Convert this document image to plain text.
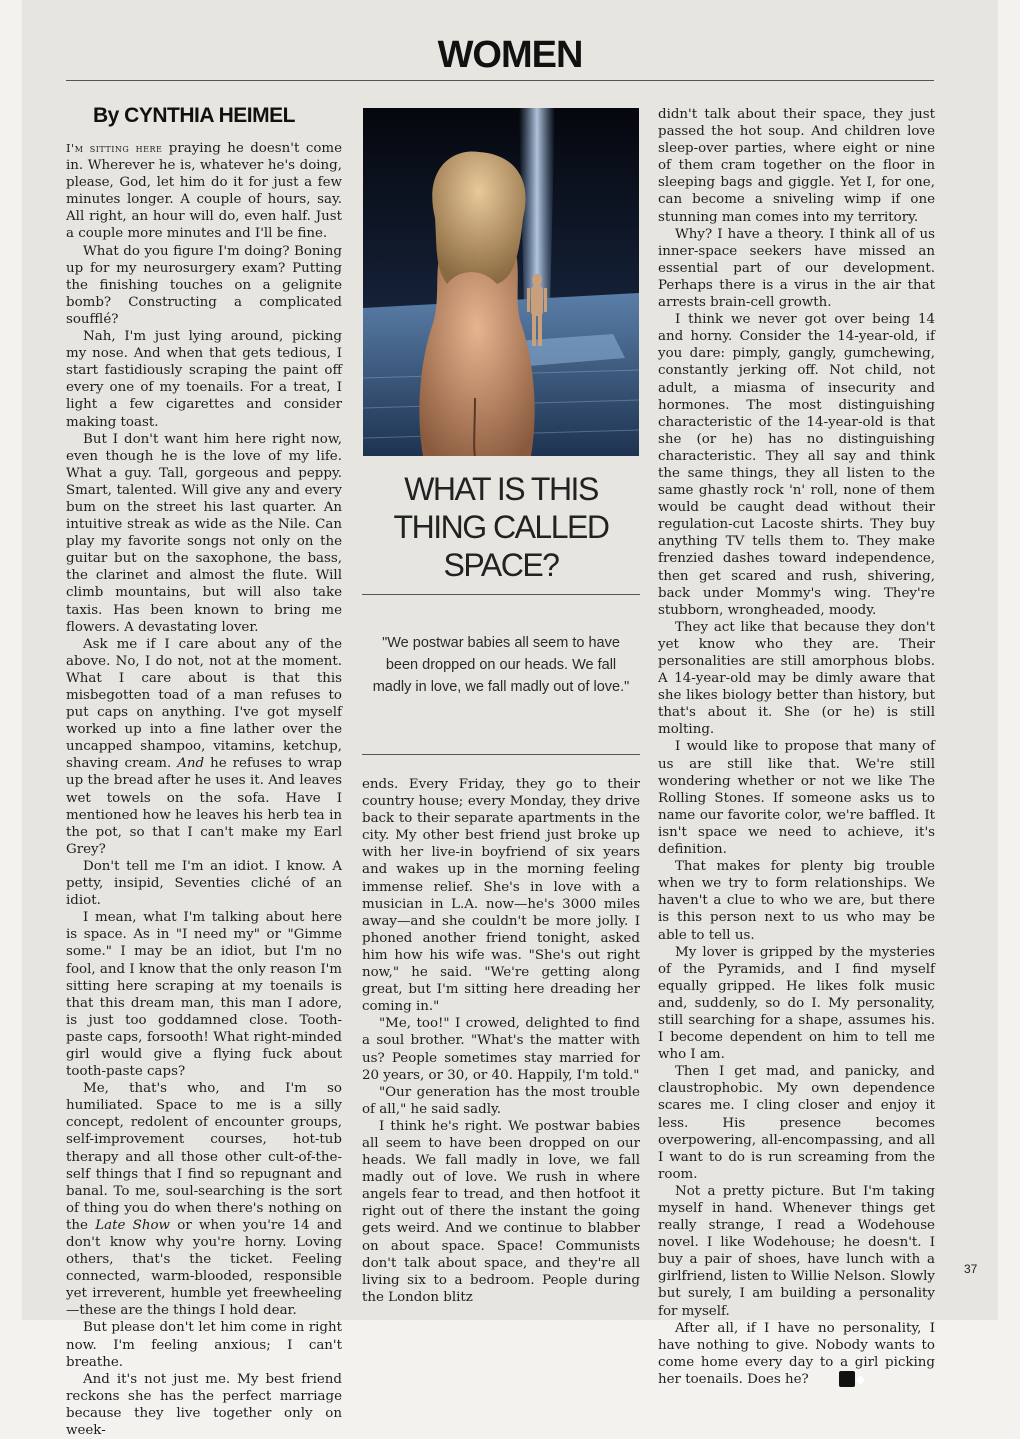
WOMEN
By CYNTHIA HEIMEL

I'm sitting here praying he doesn't come in. Wherever he is, whatever he's doing, please, God, let him do it for just a few minutes longer. A couple of hours, say. All right, an hour will do, even half. Just a couple more minutes and I'll be fine.

What do you figure I'm doing? Boning up for my neurosurgery exam? Putting the finishing touches on a gelignite bomb? Constructing a complicated soufflé?

Nah, I'm just lying around, picking my nose. And when that gets tedious, I start fastidiously scraping the paint off every one of my toenails. For a treat, I light a few cigarettes and consider making toast.

But I don't want him here right now, even though he is the love of my life. What a guy. Tall, gorgeous and peppy. Smart, talented. Will give any and every bum on the street his last quarter. An intuitive streak as wide as the Nile. Can play my favorite songs not only on the guitar but on the saxophone, the bass, the clarinet and almost the flute. Will climb mountains, but will also take taxis. Has been known to bring me flowers. A devastating lover.

Ask me if I care about any of the above. No, I do not, not at the moment. What I care about is that this misbegotten toad of a man refuses to put caps on anything. I've got myself worked up into a fine lather over the uncapped shampoo, vitamins, ketchup, shaving cream. And he refuses to wrap up the bread after he uses it. And leaves wet towels on the sofa. Have I mentioned how he leaves his herb tea in the pot, so that I can't make my Earl Grey?

Don't tell me I'm an idiot. I know. A petty, insipid, Seventies cliché of an idiot.

I mean, what I'm talking about here is space. As in "I need my" or "Gimme some." I may be an idiot, but I'm no fool, and I know that the only reason I'm sitting here scraping at my toenails is that this dream man, this man I adore, is just too goddamned close. Tooth-paste caps, forsooth! What right-minded girl would give a flying fuck about tooth-paste caps?

Me, that's who, and I'm so humiliated. Space to me is a silly concept, redolent of encounter groups, self-improvement courses, hot-tub therapy and all those other cult-of-the-self things that I find so repugnant and banal. To me, soul-searching is the sort of thing you do when there's nothing on the Late Show or when you're 14 and don't know why you're horny. Loving others, that's the ticket. Feeling connected, warm-blooded, responsible yet irreverent, humble yet freewheeling—these are the things I hold dear.

But please don't let him come in right now. I'm feeling anxious; I can't breathe.

And it's not just me. My best friend reckons she has the perfect marriage because they live together only on week-

WHAT IS THIS
THING CALLED
SPACE?
"We postwar babies all seem to have been dropped on our heads. We fall madly in love, we fall madly out of love."

ends. Every Friday, they go to their country house; every Monday, they drive back to their separate apartments in the city. My other best friend just broke up with her live-in boyfriend of six years and wakes up in the morning feeling immense relief. She's in love with a musician in L.A. now—he's 3000 miles away—and she couldn't be more jolly. I phoned another friend tonight, asked him how his wife was. "She's out right now," he said. "We're getting along great, but I'm sitting here dreading her coming in."

"Me, too!" I crowed, delighted to find a soul brother. "What's the matter with us? People sometimes stay married for 20 years, or 30, or 40. Happily, I'm told."

"Our generation has the most trouble of all," he said sadly.

I think he's right. We postwar babies all seem to have been dropped on our heads. We fall madly in love, we fall madly out of love. We rush in where angels fear to tread, and then hotfoot it right out of there the instant the going gets weird. And we continue to blabber on about space. Space! Communists don't talk about space, and they're all living six to a bedroom. People during the London blitz

didn't talk about their space, they just passed the hot soup. And children love sleep-over parties, where eight or nine of them cram together on the floor in sleeping bags and giggle. Yet I, for one, can become a sniveling wimp if one stunning man comes into my territory.

Why? I have a theory. I think all of us inner-space seekers have missed an essential part of our development. Perhaps there is a virus in the air that arrests brain-cell growth.

I think we never got over being 14 and horny. Consider the 14-year-old, if you dare: pimply, gangly, gumchewing, constantly jerking off. Not child, not adult, a miasma of insecurity and hormones. The most distinguishing characteristic of the 14-year-old is that she (or he) has no distinguishing characteristic. They all say and think the same things, they all listen to the same ghastly rock 'n' roll, none of them would be caught dead without their regulation-cut Lacoste shirts. They buy anything TV tells them to. They make frenzied dashes toward independence, then get scared and rush, shivering, back under Mommy's wing. They're stubborn, wrongheaded, moody.

They act like that because they don't yet know who they are. Their personalities are still amorphous blobs. A 14-year-old may be dimly aware that she likes biology better than history, but that's about it. She (or he) is still molting.

I would like to propose that many of us are still like that. We're still wondering whether or not we like The Rolling Stones. If someone asks us to name our favorite color, we're baffled. It isn't space we need to achieve, it's definition.

That makes for plenty big trouble when we try to form relationships. We haven't a clue to who we are, but there is this person next to us who may be able to tell us.

My lover is gripped by the mysteries of the Pyramids, and I find myself equally gripped. He likes folk music and, suddenly, so do I. My personality, still searching for a shape, assumes his. I become dependent on him to tell me who I am.

Then I get mad, and panicky, and claustrophobic. My own dependence scares me. I cling closer and enjoy it less. His presence becomes overpowering, all-encompassing, and all I want to do is run screaming from the room.

Not a pretty picture. But I'm taking myself in hand. Whenever things get really strange, I read a Wodehouse novel. I like Wodehouse; he doesn't. I buy a pair of shoes, have lunch with a girlfriend, listen to Willie Nelson. Slowly but surely, I am building a personality for myself.

After all, if I have no personality, I have nothing to give. Nobody wants to come home every day to a girl picking her toenails. Does he?	◆

37
